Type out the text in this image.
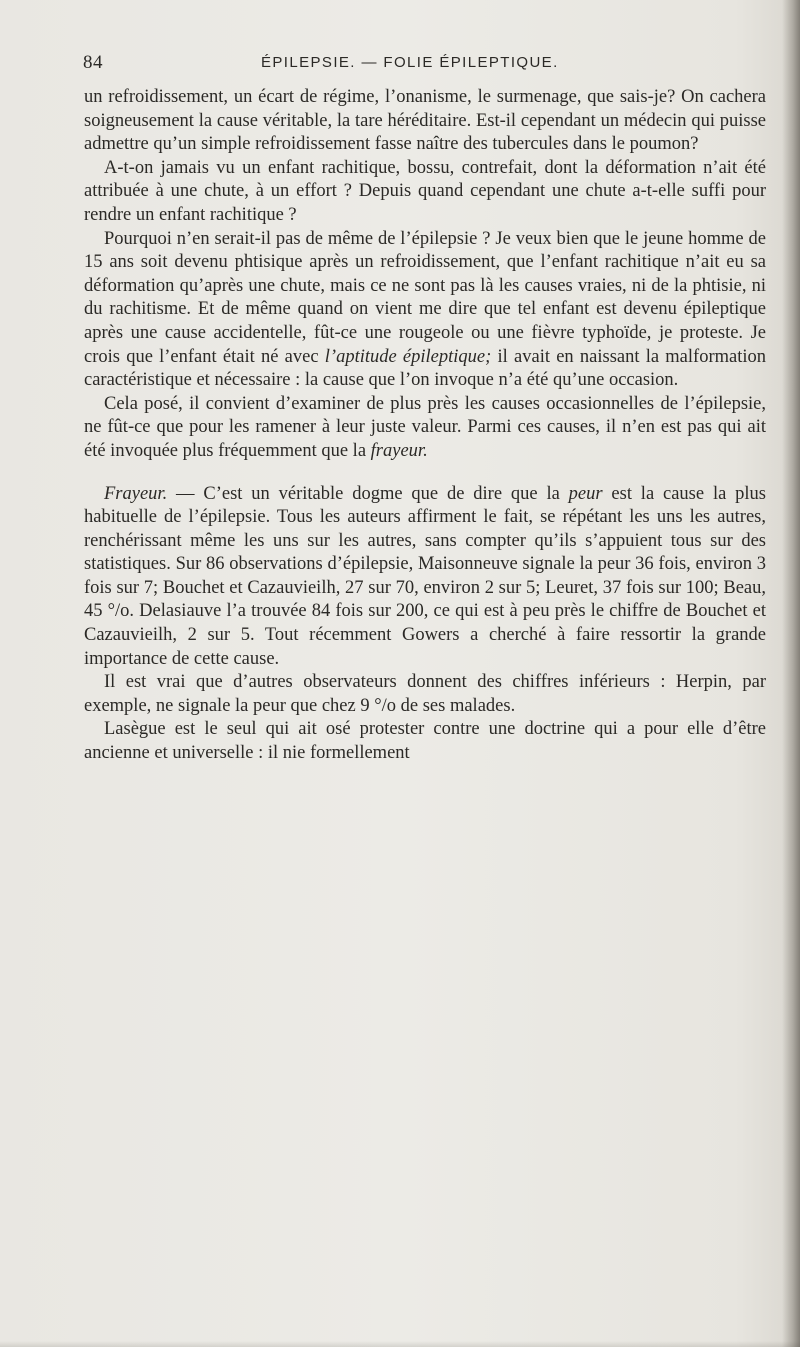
84	ÉPILEPSIE. — FOLIE ÉPILEPTIQUE.

un refroidissement, un écart de régime, l’onanisme, le surmenage, que sais-je? On cachera soigneusement la cause véritable, la tare héréditaire. Est-il cependant un médecin qui puisse admettre qu’un simple refroidissement fasse naître des tubercules dans le poumon?

A-t-on jamais vu un enfant rachitique, bossu, contrefait, dont la déformation n’ait été attribuée à une chute, à un effort ? Depuis quand cependant une chute a-t-elle suffi pour rendre un enfant rachitique ?

Pourquoi n’en serait-il pas de même de l’épilepsie ? Je veux bien que le jeune homme de 15 ans soit devenu phtisique après un refroidissement, que l’enfant rachitique n’ait eu sa déformation qu’après une chute, mais ce ne sont pas là les causes vraies, ni de la phtisie, ni du rachitisme. Et de même quand on vient me dire que tel enfant est devenu épileptique après une cause accidentelle, fût-ce une rougeole ou une fièvre typhoïde, je proteste. Je crois que l’enfant était né avec l’aptitude épileptique; il avait en naissant la malformation caractéristique et nécessaire : la cause que l’on invoque n’a été qu’une occasion.

Cela posé, il convient d’examiner de plus près les causes occasionnelles de l’épilepsie, ne fût-ce que pour les ramener à leur juste valeur. Parmi ces causes, il n’en est pas qui ait été invoquée plus fréquemment que la frayeur.

Frayeur. — C’est un véritable dogme que de dire que la peur est la cause la plus habituelle de l’épilepsie. Tous les auteurs affirment le fait, se répétant les uns les autres, renchérissant même les uns sur les autres, sans compter qu’ils s’appuient tous sur des statistiques. Sur 86 observations d’épilepsie, Maisonneuve signale la peur 36 fois, environ 3 fois sur 7; Bouchet et Cazauvieilh, 27 sur 70, environ 2 sur 5; Leuret, 37 fois sur 100; Beau, 45 °/o. Delasiauve l’a trouvée 84 fois sur 200, ce qui est à peu près le chiffre de Bouchet et Cazauvieilh, 2 sur 5. Tout récemment Gowers a cherché à faire ressortir la grande importance de cette cause.

Il est vrai que d’autres observateurs donnent des chiffres inférieurs : Herpin, par exemple, ne signale la peur que chez 9 °/o de ses malades.

Lasègue est le seul qui ait osé protester contre une doctrine qui a pour elle d’être ancienne et universelle : il nie formellement
